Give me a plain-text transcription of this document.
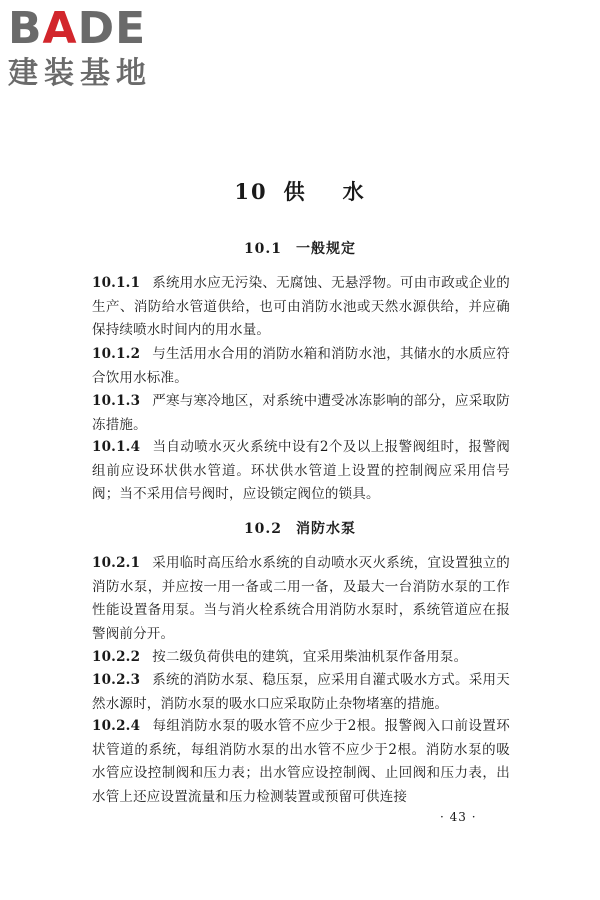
BADE
建装基地
10 供 水
10.1 一般规定
10.1.1 系统用水应无污染、无腐蚀、无悬浮物。可由市政或企业的生产、消防给水管道供给，也可由消防水池或天然水源供给，并应确保持续喷水时间内的用水量。
10.1.2 与生活用水合用的消防水箱和消防水池，其储水的水质应符合饮用水标准。
10.1.3 严寒与寒冷地区，对系统中遭受冰冻影响的部分，应采取防冻措施。
10.1.4 当自动喷水灭火系统中设有2个及以上报警阀组时，报警阀组前应设环状供水管道。环状供水管道上设置的控制阀应采用信号阀；当不采用信号阀时，应设锁定阀位的锁具。
10.2 消防水泵
10.2.1 采用临时高压给水系统的自动喷水灭火系统，宜设置独立的消防水泵，并应按一用一备或二用一备，及最大一台消防水泵的工作性能设置备用泵。当与消火栓系统合用消防水泵时，系统管道应在报警阀前分开。
10.2.2 按二级负荷供电的建筑，宜采用柴油机泵作备用泵。
10.2.3 系统的消防水泵、稳压泵，应采用自灌式吸水方式。采用天然水源时，消防水泵的吸水口应采取防止杂物堵塞的措施。
10.2.4 每组消防水泵的吸水管不应少于2根。报警阀入口前设置环状管道的系统，每组消防水泵的出水管不应少于2根。消防水泵的吸水管应设控制阀和压力表；出水管应设控制阀、止回阀和压力表，出水管上还应设置流量和压力检测装置或预留可供连接
· 43 ·
